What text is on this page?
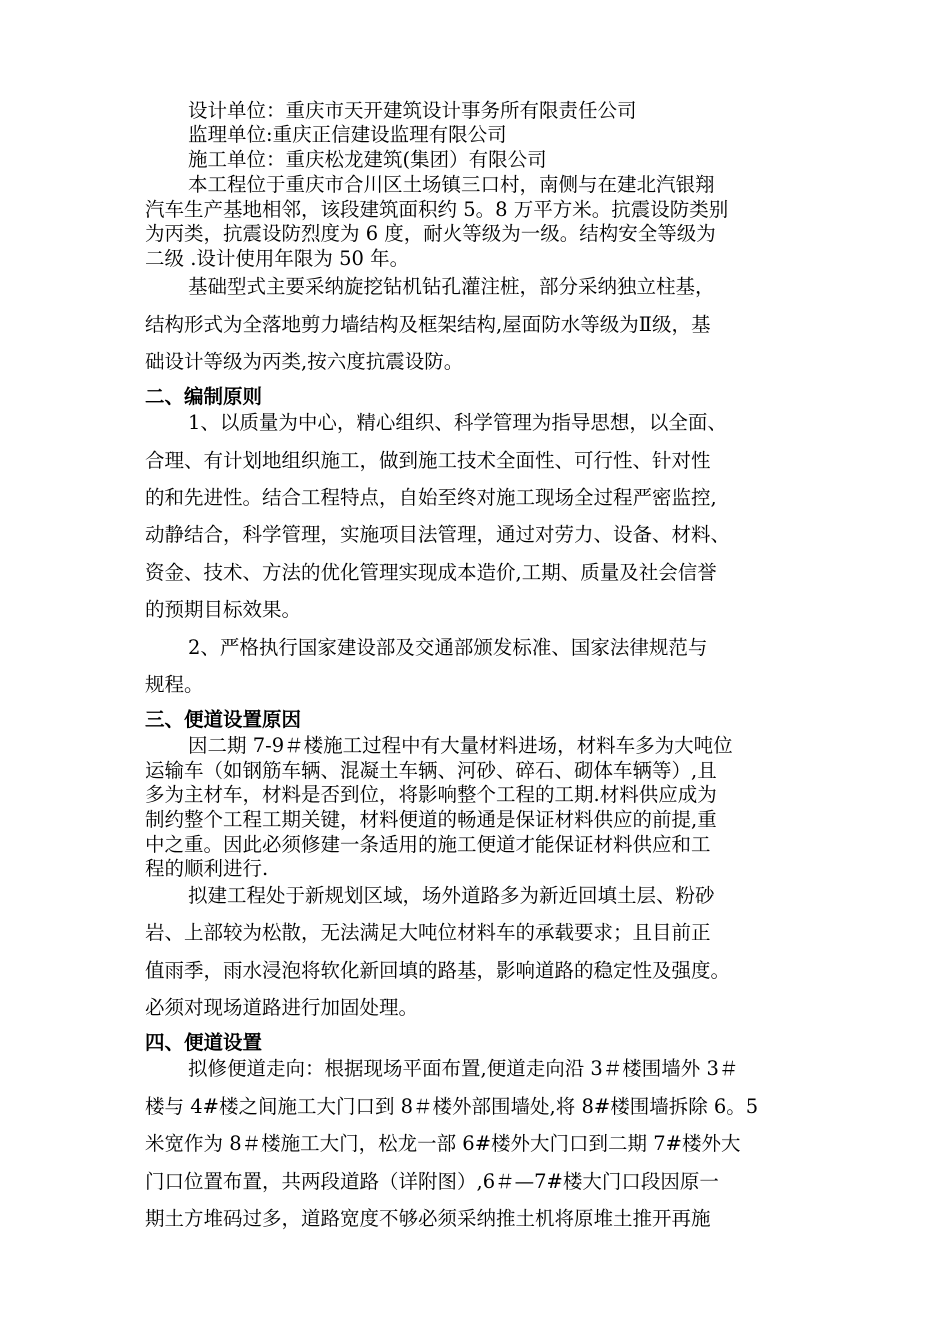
设计单位：重庆市天开建筑设计事务所有限责任公司
监理单位:重庆正信建设监理有限公司
施工单位：重庆松龙建筑(集团）有限公司
本工程位于重庆市合川区土场镇三口村，南侧与在建北汽银翔
汽车生产基地相邻，该段建筑面积约 5。8 万平方米。抗震设防类别
为丙类，抗震设防烈度为 6 度，耐火等级为一级。结构安全等级为
二级 .设计使用年限为 50 年。
基础型式主要采纳旋挖钻机钻孔灌注桩，部分采纳独立柱基，
结构形式为全落地剪力墙结构及框架结构,屋面防水等级为Ⅱ级，基
础设计等级为丙类,按六度抗震设防。
二、编制原则
1、以质量为中心，精心组织、科学管理为指导思想，以全面、
合理、有计划地组织施工，做到施工技术全面性、可行性、针对性
的和先进性。结合工程特点，自始至终对施工现场全过程严密监控,
动静结合，科学管理，实施项目法管理，通过对劳力、设备、材料、
资金、技术、方法的优化管理实现成本造价,工期、质量及社会信誉
的预期目标效果。
2、严格执行国家建设部及交通部颁发标准、国家法律规范与
规程。
三、便道设置原因
因二期 7-9＃楼施工过程中有大量材料进场，材料车多为大吨位
运输车（如钢筋车辆、混凝土车辆、河砂、碎石、砌体车辆等）,且
多为主材车，材料是否到位，将影响整个工程的工期.材料供应成为
制约整个工程工期关键，材料便道的畅通是保证材料供应的前提,重
中之重。因此必须修建一条适用的施工便道才能保证材料供应和工
程的顺利进行.
拟建工程处于新规划区域，场外道路多为新近回填土层、粉砂
岩、上部较为松散，无法满足大吨位材料车的承载要求；且目前正
值雨季，雨水浸泡将软化新回填的路基，影响道路的稳定性及强度。
必须对现场道路进行加固处理。
四、便道设置
拟修便道走向：根据现场平面布置,便道走向沿 3＃楼围墙外 3＃
楼与 4#楼之间施工大门口到 8＃楼外部围墙处,将 8#楼围墙拆除 6。5
米宽作为 8＃楼施工大门，松龙一部 6#楼外大门口到二期 7#楼外大
门口位置布置，共两段道路（详附图）,6＃—7#楼大门口段因原一
期土方堆码过多，道路宽度不够必须采纳推土机将原堆土推开再施
